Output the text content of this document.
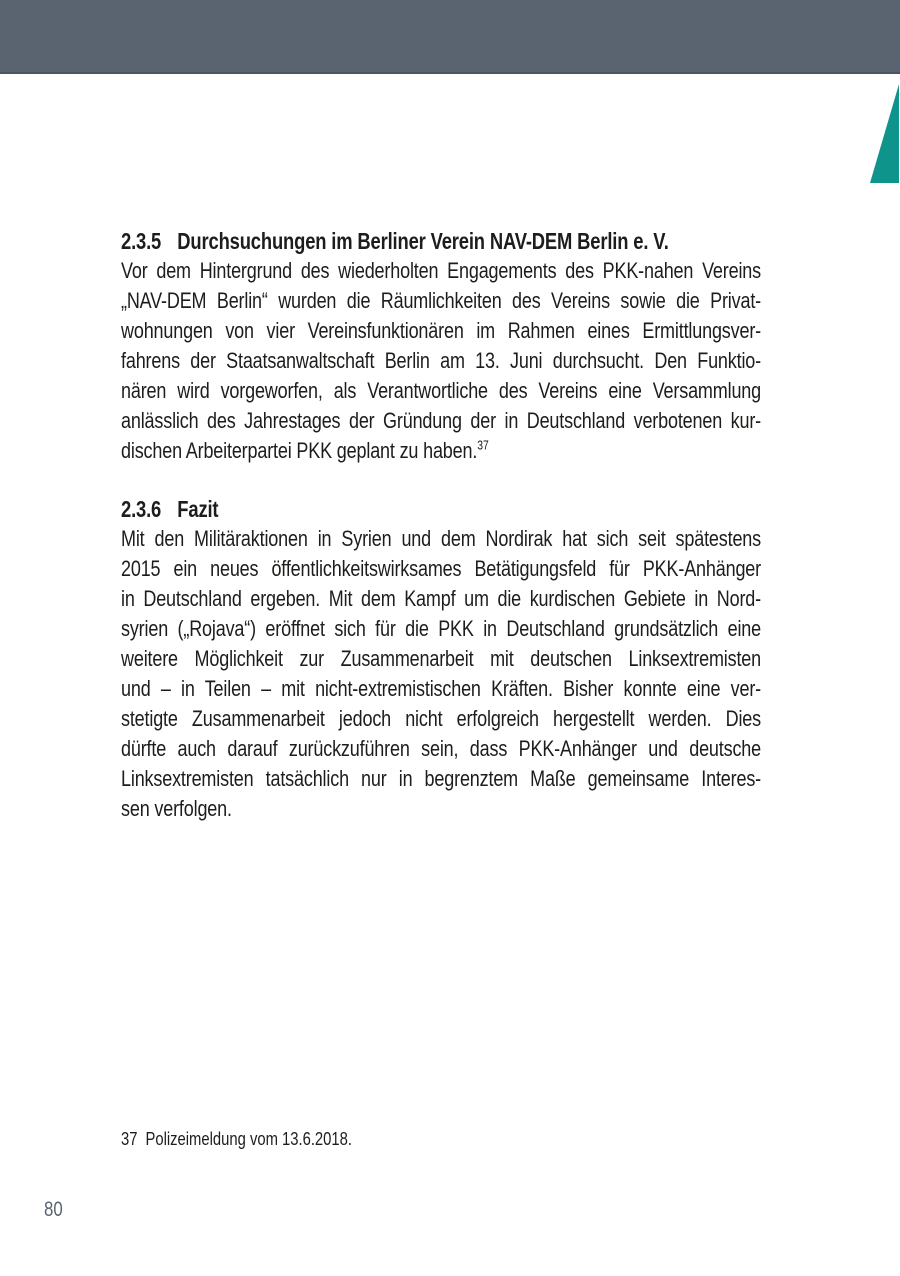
2.3.5 Durchsuchungen im Berliner Verein NAV-DEM Berlin e. V.
Vor dem Hintergrund des wiederholten Engagements des PKK-nahen Vereins
„NAV-DEM Berlin“ wurden die Räumlichkeiten des Vereins sowie die Privat-
wohnungen von vier Vereinsfunktionären im Rahmen eines Ermittlungsver-
fahrens der Staatsanwaltschaft Berlin am 13. Juni durchsucht. Den Funktio-
nären wird vorgeworfen, als Verantwortliche des Vereins eine Versammlung
anlässlich des Jahrestages der Gründung der in Deutschland verbotenen kur-
dischen Arbeiterpartei PKK geplant zu haben.$^{37}$
2.3.6 Fazit
Mit den Militäraktionen in Syrien und dem Nordirak hat sich seit spätestens
2015 ein neues öffentlichkeitswirksames Betätigungsfeld für PKK-Anhänger
in Deutschland ergeben. Mit dem Kampf um die kurdischen Gebiete in Nord-
syrien („Rojava“) eröffnet sich für die PKK in Deutschland grundsätzlich eine
weitere Möglichkeit zur Zusammenarbeit mit deutschen Linksextremisten
und – in Teilen – mit nicht-extremistischen Kräften. Bisher konnte eine ver-
stetigte Zusammenarbeit jedoch nicht erfolgreich hergestellt werden. Dies
dürfte auch darauf zurückzuführen sein, dass PKK-Anhänger und deutsche
Linksextremisten tatsächlich nur in begrenztem Maße gemeinsame Interes-
sen verfolgen.
37 Polizeimeldung vom 13.6.2018.
80
